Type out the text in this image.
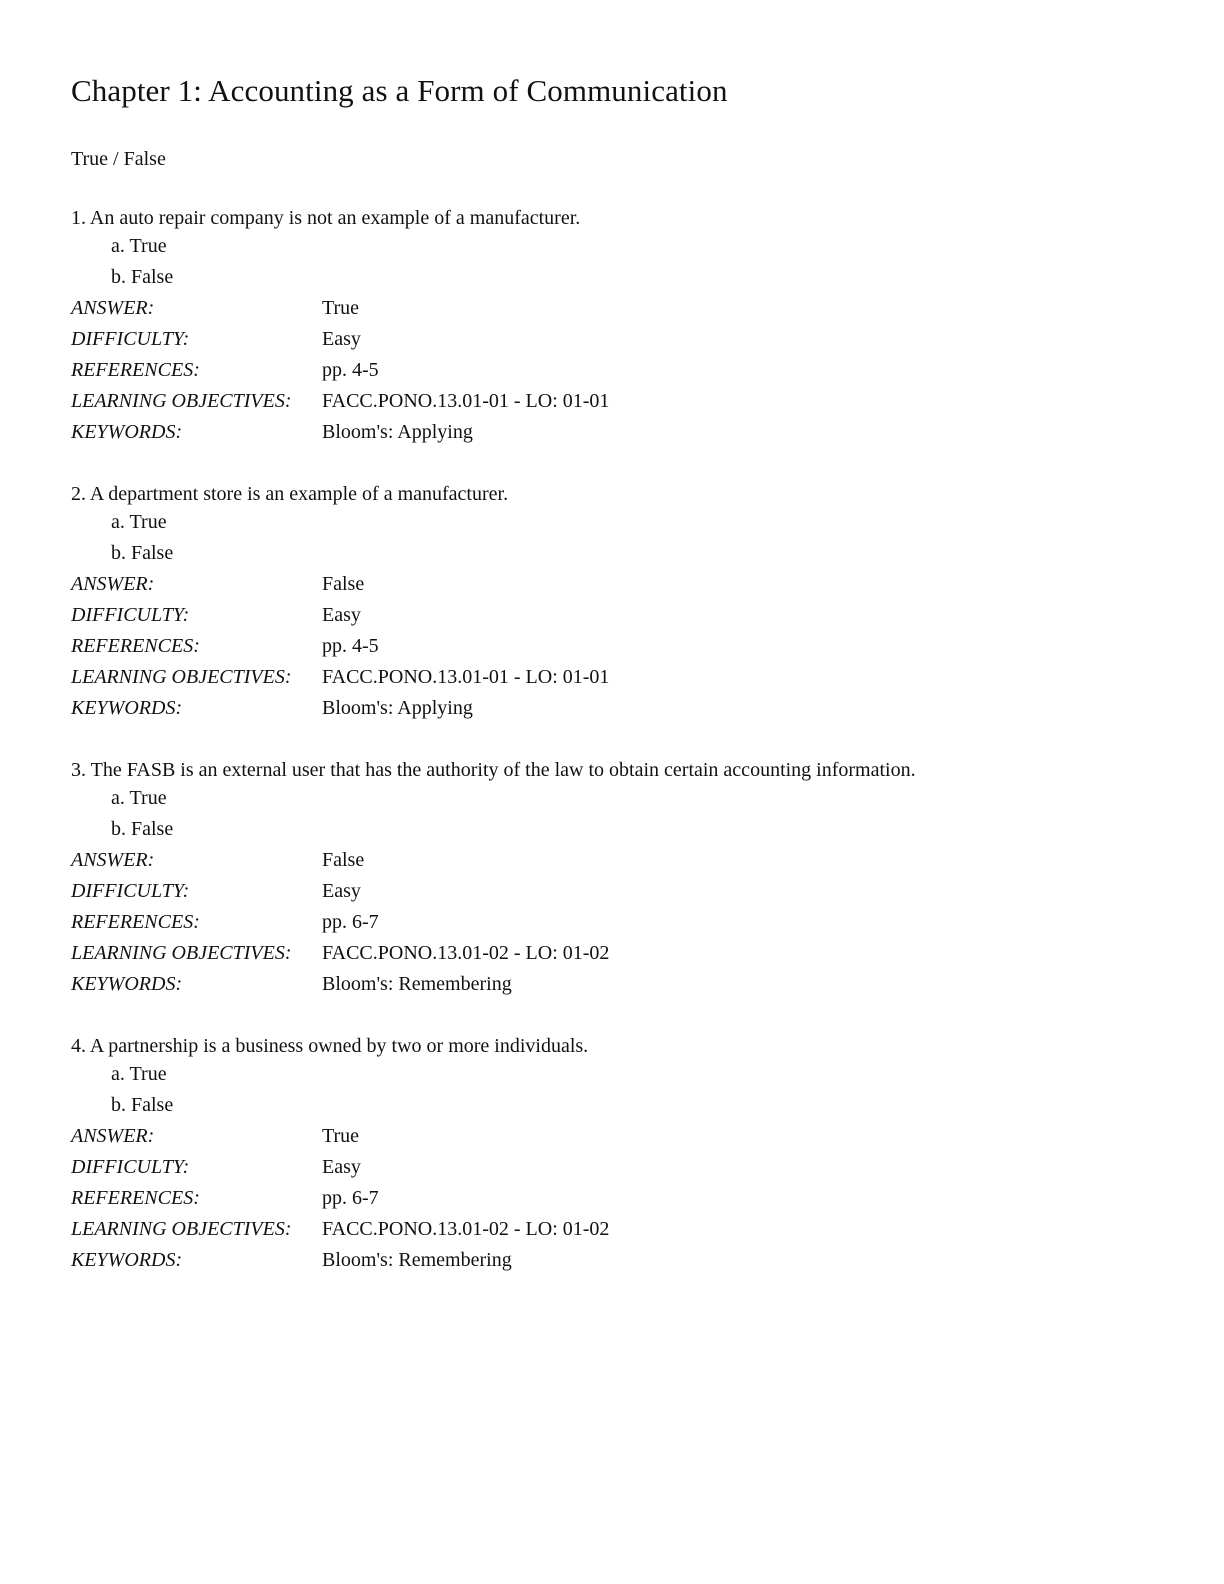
Chapter 1: Accounting as a Form of Communication
True / False
1. An auto repair company is not an example of a manufacturer.
a. True
b. False
ANSWER:	True
DIFFICULTY:	Easy
REFERENCES:	pp. 4-5
LEARNING OBJECTIVES:	FACC.PONO.13.01-01 - LO: 01-01
KEYWORDS:	Bloom's: Applying
2. A department store is an example of a manufacturer.
a. True
b. False
ANSWER:	False
DIFFICULTY:	Easy
REFERENCES:	pp. 4-5
LEARNING OBJECTIVES:	FACC.PONO.13.01-01 - LO: 01-01
KEYWORDS:	Bloom's: Applying
3. The FASB is an external user that has the authority of the law to obtain certain accounting information.
a. True
b. False
ANSWER:	False
DIFFICULTY:	Easy
REFERENCES:	pp. 6-7
LEARNING OBJECTIVES:	FACC.PONO.13.01-02 - LO: 01-02
KEYWORDS:	Bloom's: Remembering
4. A partnership is a business owned by two or more individuals.
a. True
b. False
ANSWER:	True
DIFFICULTY:	Easy
REFERENCES:	pp. 6-7
LEARNING OBJECTIVES:	FACC.PONO.13.01-02 - LO: 01-02
KEYWORDS:	Bloom's: Remembering
